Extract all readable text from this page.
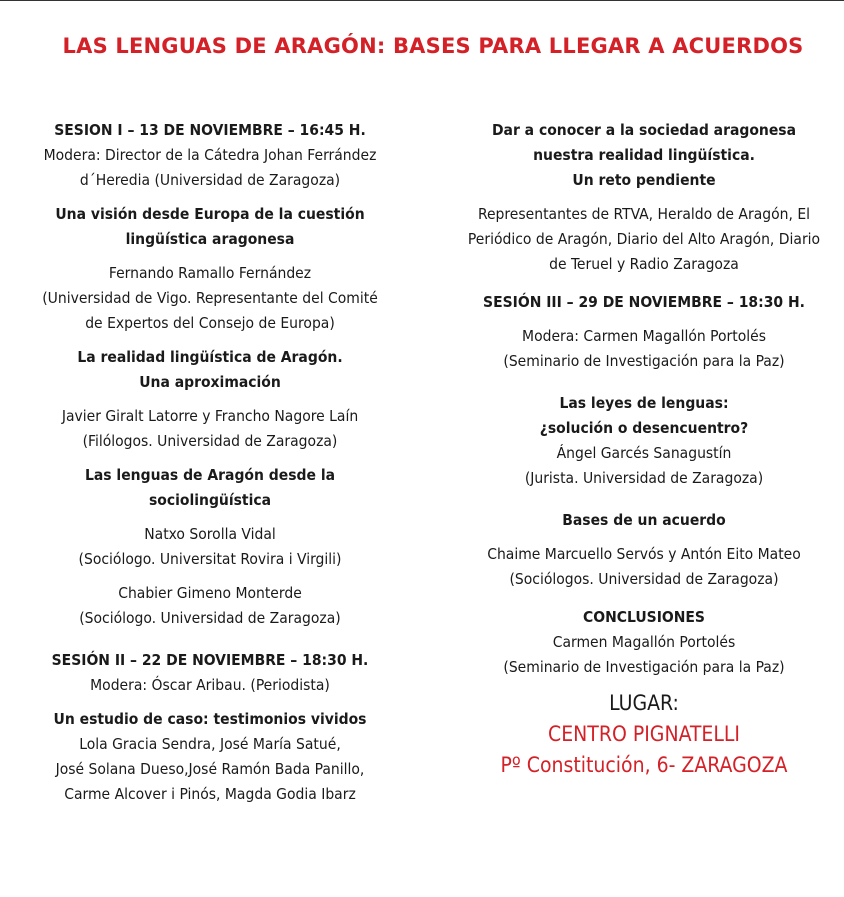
LAS LENGUAS DE ARAGÓN: BASES PARA LLEGAR A ACUERDOS
SESION I – 13 DE NOVIEMBRE – 16:45 H.
Modera: Director de la Cátedra Johan Ferrández
d´Heredia (Universidad de Zaragoza)
Una visión desde Europa de la cuestión
lingüística aragonesa
Fernando Ramallo Fernández
(Universidad de Vigo. Representante del Comité
de Expertos del Consejo de Europa)
La realidad lingüística de Aragón.
Una aproximación
Javier Giralt Latorre y Francho Nagore Laín
(Filólogos. Universidad de Zaragoza)
Las lenguas de Aragón desde la
sociolingüística
Natxo Sorolla Vidal
(Sociólogo. Universitat Rovira i Virgili)
Chabier Gimeno Monterde
(Sociólogo. Universidad de Zaragoza)
SESIÓN II – 22 DE NOVIEMBRE – 18:30 H.
Modera: Óscar Aribau. (Periodista)
Un estudio de caso: testimonios vividos
Lola Gracia Sendra, José María Satué,
José Solana Dueso,José Ramón Bada Panillo,
Carme Alcover i Pinós, Magda Godia Ibarz
Dar a conocer a la sociedad aragonesa
nuestra realidad lingüística.
Un reto pendiente
Representantes de RTVA, Heraldo de Aragón, El
Periódico de Aragón, Diario del Alto Aragón, Diario
de Teruel y Radio Zaragoza
SESIÓN III – 29 DE NOVIEMBRE – 18:30 H.
Modera: Carmen Magallón Portolés
(Seminario de Investigación para la Paz)
Las leyes de lenguas:
¿solución o desencuentro?
Ángel Garcés Sanagustín
(Jurista. Universidad de Zaragoza)
Bases de un acuerdo
Chaime Marcuello Servós y Antón Eito Mateo
(Sociólogos. Universidad de Zaragoza)
CONCLUSIONES
Carmen Magallón Portolés
(Seminario de Investigación para la Paz)
LUGAR:
CENTRO PIGNATELLI
Pº Constitución, 6- ZARAGOZA
